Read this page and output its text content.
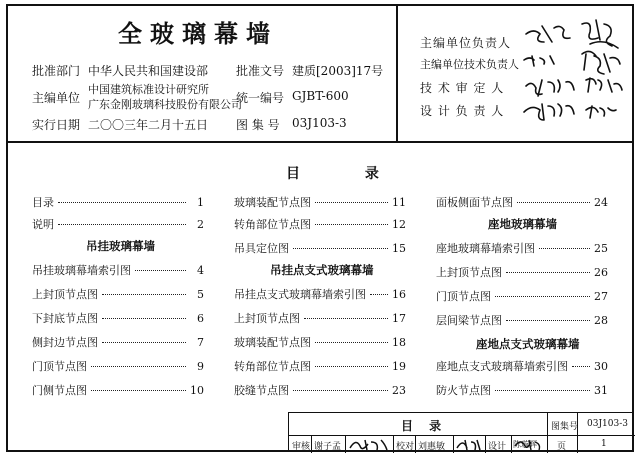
全玻璃幕墙
批准部门 中华人民共和国建设部 批准文号 建质[2003]17号
主编单位
中国建筑标准设计研究所
广东金刚玻璃科技股份有限公司
统一编号 GJBT-600
实行日期 二〇〇三年二月十五日 图 集 号 03J103-3
主编单位负责人
主编单位技术负责人
技 术 审 定 人
设 计 负 责 人
目 录
目录	1
说明	2
吊挂玻璃幕墙
吊挂玻璃幕墙索引图	4
上封顶节点图	5
下封底节点图	6
侧封边节点图	7
门顶节点图	9
门侧节点图	10
玻璃装配节点图	11
转角部位节点图	12
吊具定位图	15
吊挂点支式玻璃幕墙
吊挂点支式玻璃幕墙索引图 16
上封顶节点图	17
玻璃装配节点图	18
转角部位节点图	19
胶缝节点图	23
面板侧面节点图	24
座地玻璃幕墙
座地玻璃幕墙索引图	25
上封顶节点图	26
门顶节点图	27
层间梁节点图	28
座地点支式玻璃幕墙
座地点支式玻璃幕墙索引图 30
防火节点图	31
目 录	图集号 03J103-3
审核 谢子孟	校对 刘惠敏	设计 陈璇辉 页	1
